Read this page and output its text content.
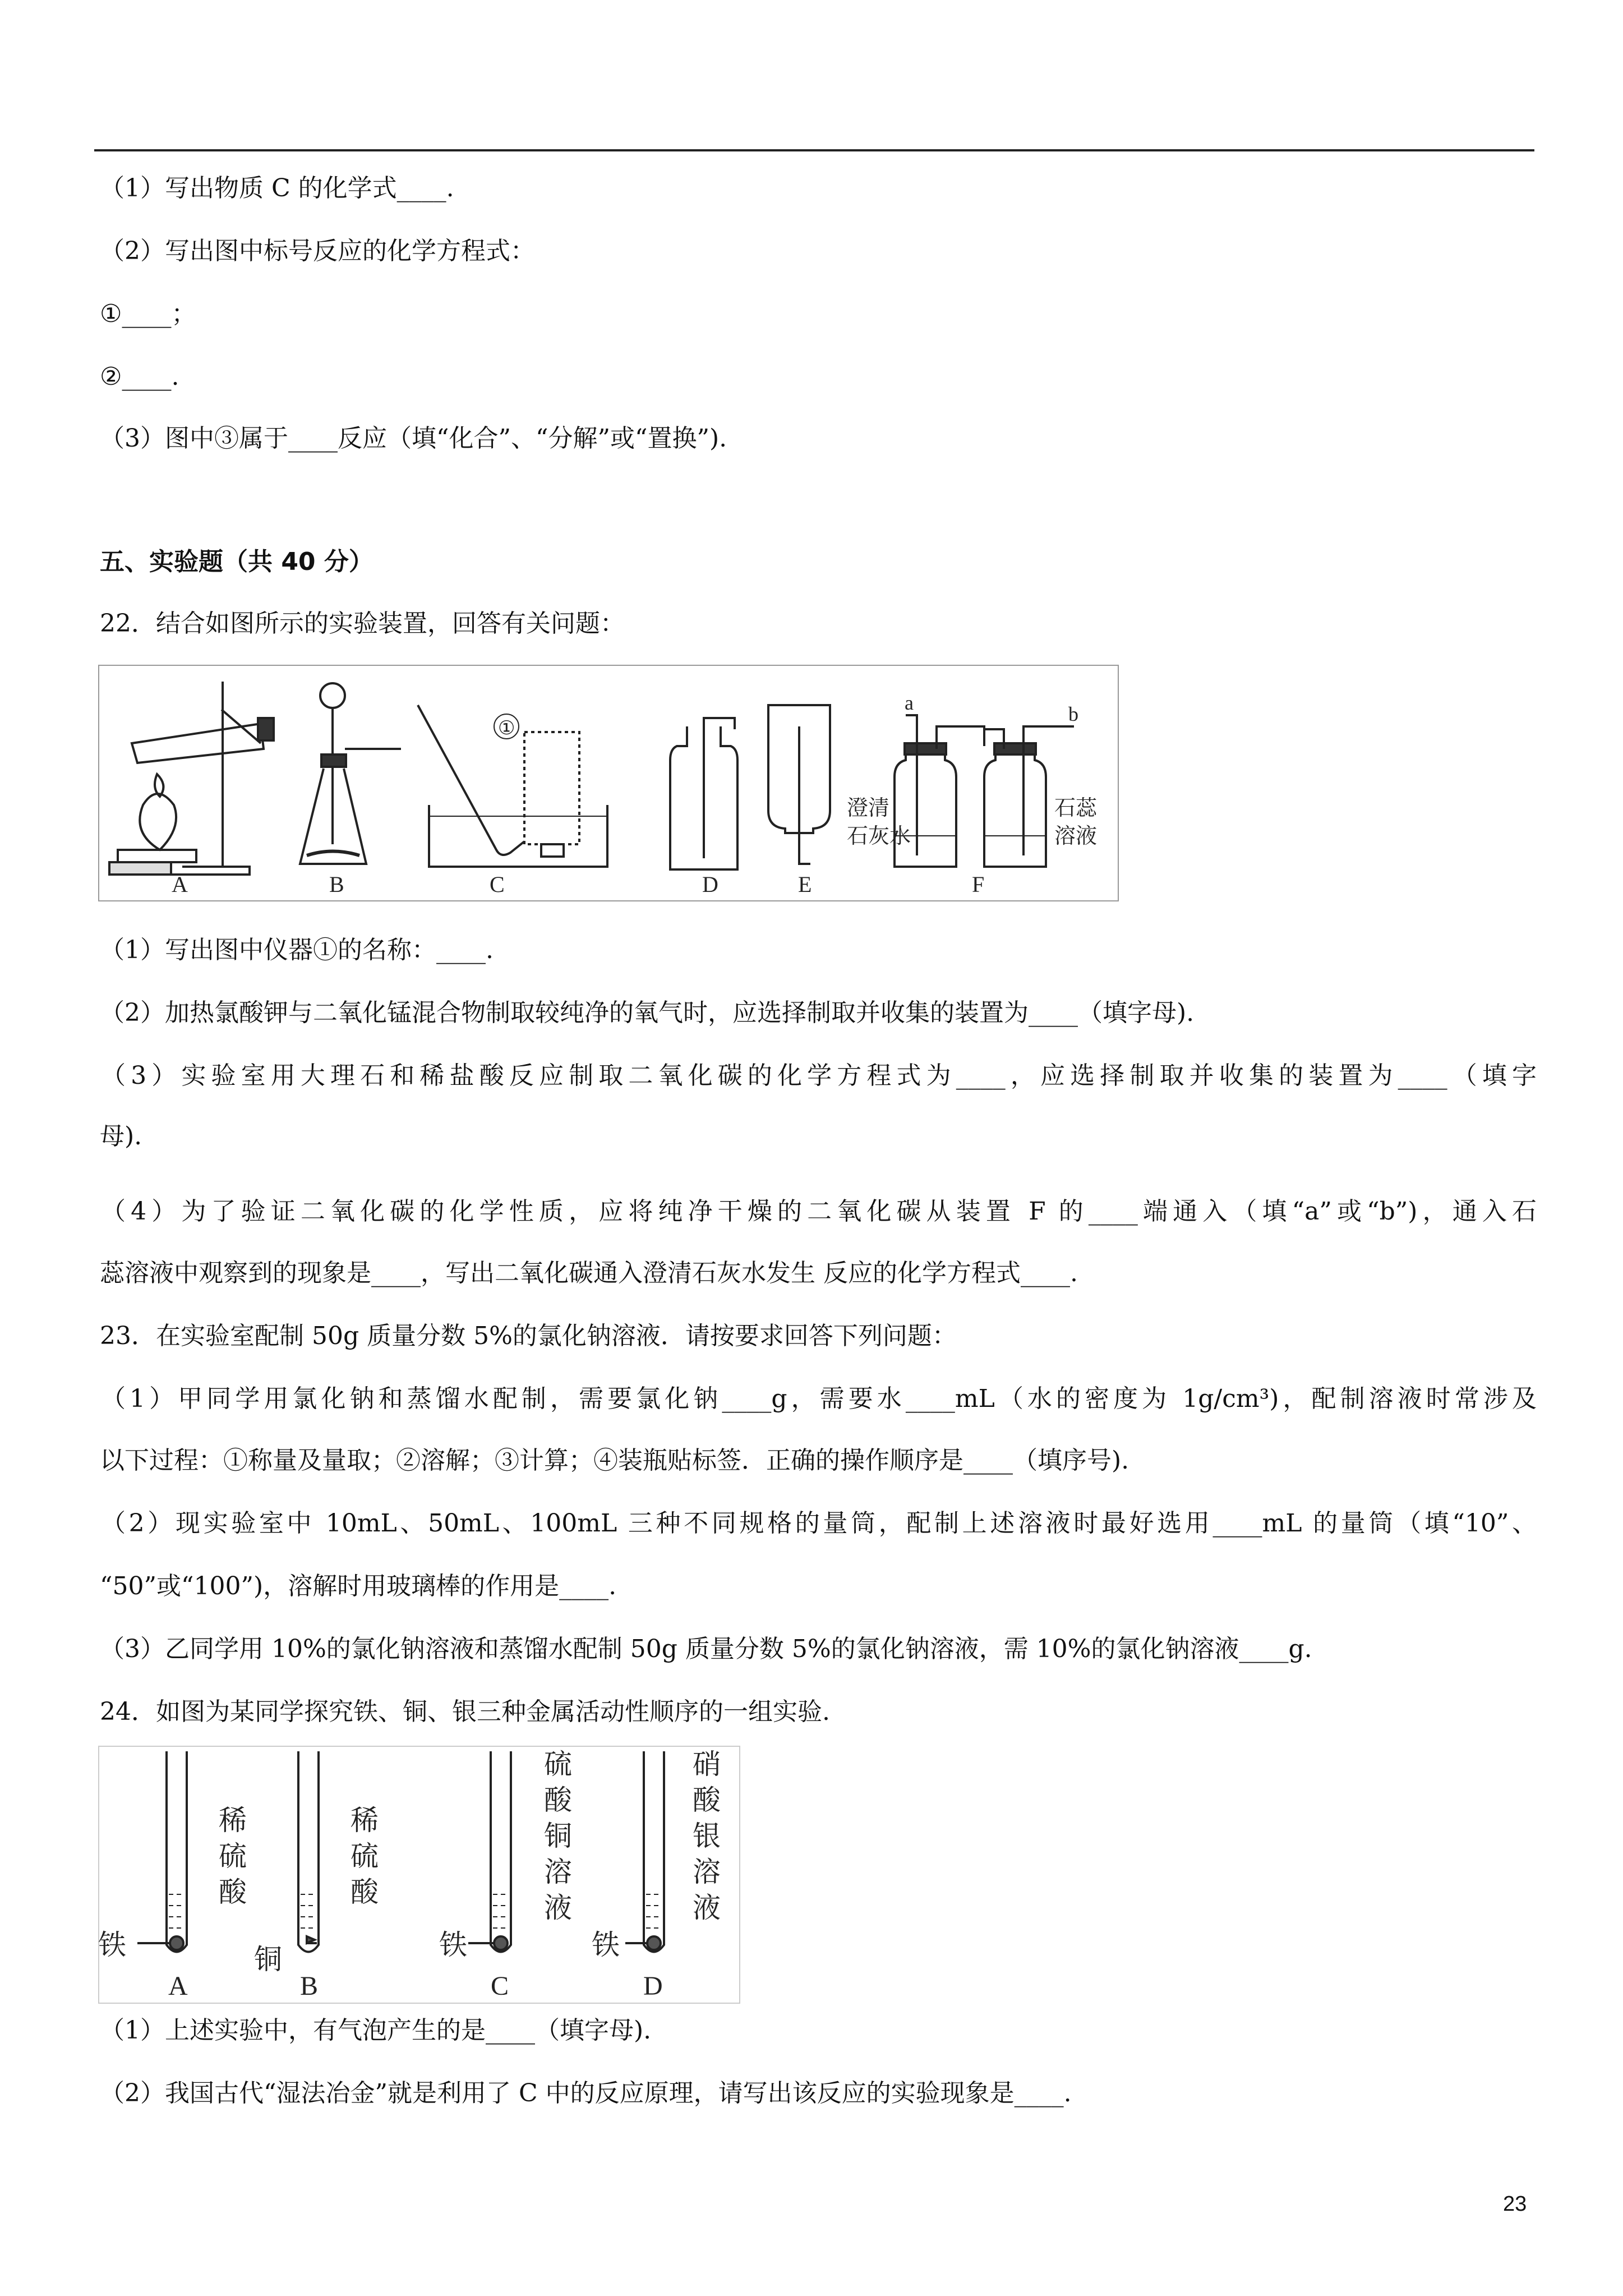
（1）写出物质 C 的化学式____.
（2）写出图中标号反应的化学方程式：
①____；
②____.
（3）图中③属于____反应（填“化合”、“分解”或“置换”).
五、实验题（共 40 分）
22．结合如图所示的实验装置，回答有关问题：
A	B	C	D	E	F
①
a	b
澄清
石灰水
石蕊
溶液
（1）写出图中仪器①的名称：____.
（2）加热氯酸钾与二氧化锰混合物制取较纯净的氧气时，应选择制取并收集的装置为____（填字母).
（3）实验室用大理石和稀盐酸反应制取二氧化碳的化学方程式为____，应选择制取并收集的装置为____（填字
母).
（4）为了验证二氧化碳的化学性质，应将纯净干燥的二氧化碳从装置 F 的____端通入（填“a”或“b”)，通入石
蕊溶液中观察到的现象是____，写出二氧化碳通入澄清石灰水发生 反应的化学方程式____.
23．在实验室配制 50g 质量分数 5%的氯化钠溶液．请按要求回答下列问题：
（1）甲同学用氯化钠和蒸馏水配制，需要氯化钠____g，需要水____mL（水的密度为 1g/cm³)，配制溶液时常涉及
以下过程：①称量及量取；②溶解；③计算；④装瓶贴标签．正确的操作顺序是____（填序号).
（2）现实验室中 10mL、50mL、100mL 三种不同规格的量筒，配制上述溶液时最好选用____mL 的量筒（填“10”、
“50”或“100”)，溶解时用玻璃棒的作用是____.
（3）乙同学用 10%的氯化钠溶液和蒸馏水配制 50g 质量分数 5%的氯化钠溶液，需 10%的氯化钠溶液____g.
24．如图为某同学探究铁、铜、银三种金属活动性顺序的一组实验.
铁	铜	铁	铁
稀
硫
酸
稀
硫
酸
硫
酸
铜
溶
液
硝
酸
银
溶
液
A	B	C	D
（1）上述实验中，有气泡产生的是____（填字母).
（2）我国古代“湿法冶金”就是利用了 C 中的反应原理，请写出该反应的实验现象是____.
23
